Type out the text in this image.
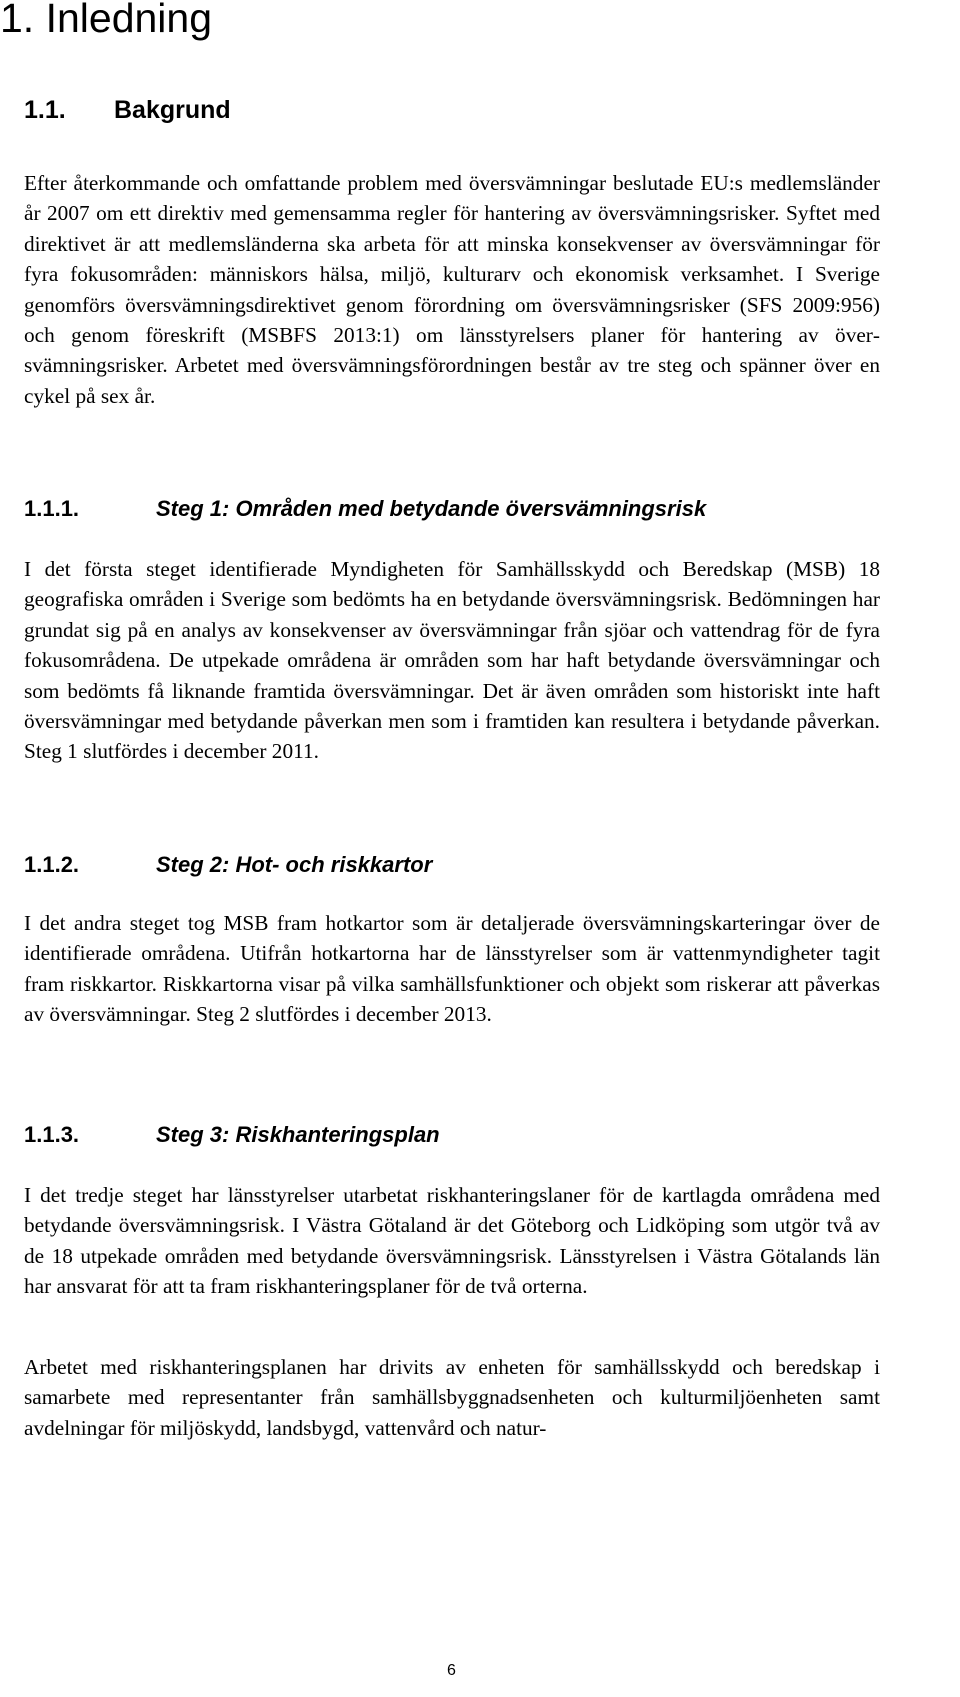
1. Inledning
1.1. Bakgrund

Efter återkommande och omfattande problem med översvämningar beslutade EU:s medlemsländer år 2007 om ett direktiv med gemensamma regler för hantering av översvämningsrisker. Syftet med direktivet är att medlemsländerna ska arbeta för att minska konsekvenser av översvämningar för fyra fokusområden: människors hälsa, miljö, kulturarv och ekonomisk verksamhet. I Sverige genomförs översvämningsdirektivet genom förordning om översvämningsrisker (SFS 2009:956) och genom föreskrift (MSBFS 2013:1) om länsstyrelsers planer för hantering av översvämningsrisker. Arbetet med översvämningsförordningen består av tre steg och spänner över en cykel på sex år.

1.1.1.	Steg 1: Områden med betydande översvämningsrisk

I det första steget identifierade Myndigheten för Samhällsskydd och Beredskap (MSB) 18 geografiska områden i Sverige som bedömts ha en betydande översvämningsrisk. Bedömningen har grundat sig på en analys av konsekvenser av översvämningar från sjöar och vattendrag för de fyra fokusområdena. De utpekade områdena är områden som har haft betydande översvämningar och som bedömts få liknande framtida översvämningar. Det är även områden som historiskt inte haft översvämningar med betydande påverkan men som i framtiden kan resultera i betydande påverkan. Steg 1 slutfördes i december 2011.

1.1.2.	Steg 2: Hot- och riskkartor

I det andra steget tog MSB fram hotkartor som är detaljerade översvämningskarteringar över de identifierade områdena. Utifrån hotkartorna har de länsstyrelser som är vattenmyndigheter tagit fram riskkartor. Riskkartorna visar på vilka samhällsfunktioner och objekt som riskerar att påverkas av översvämningar. Steg 2 slutfördes i december 2013.

1.1.3.	Steg 3: Riskhanteringsplan

I det tredje steget har länsstyrelser utarbetat riskhanteringslaner för de kartlagda områdena med betydande översvämningsrisk. I Västra Götaland är det Göteborg och Lidköping som utgör två av de 18 utpekade områden med betydande översvämningsrisk. Länsstyrelsen i Västra Götalands län har ansvarat för att ta fram riskhanteringsplaner för de två orterna.

Arbetet med riskhanteringsplanen har drivits av enheten för samhällsskydd och beredskap i samarbete med representanter från samhällsbyggnadsenheten och kulturmiljöenheten samt avdelningar för miljöskydd, landsbygd, vattenvård och natur-

6
